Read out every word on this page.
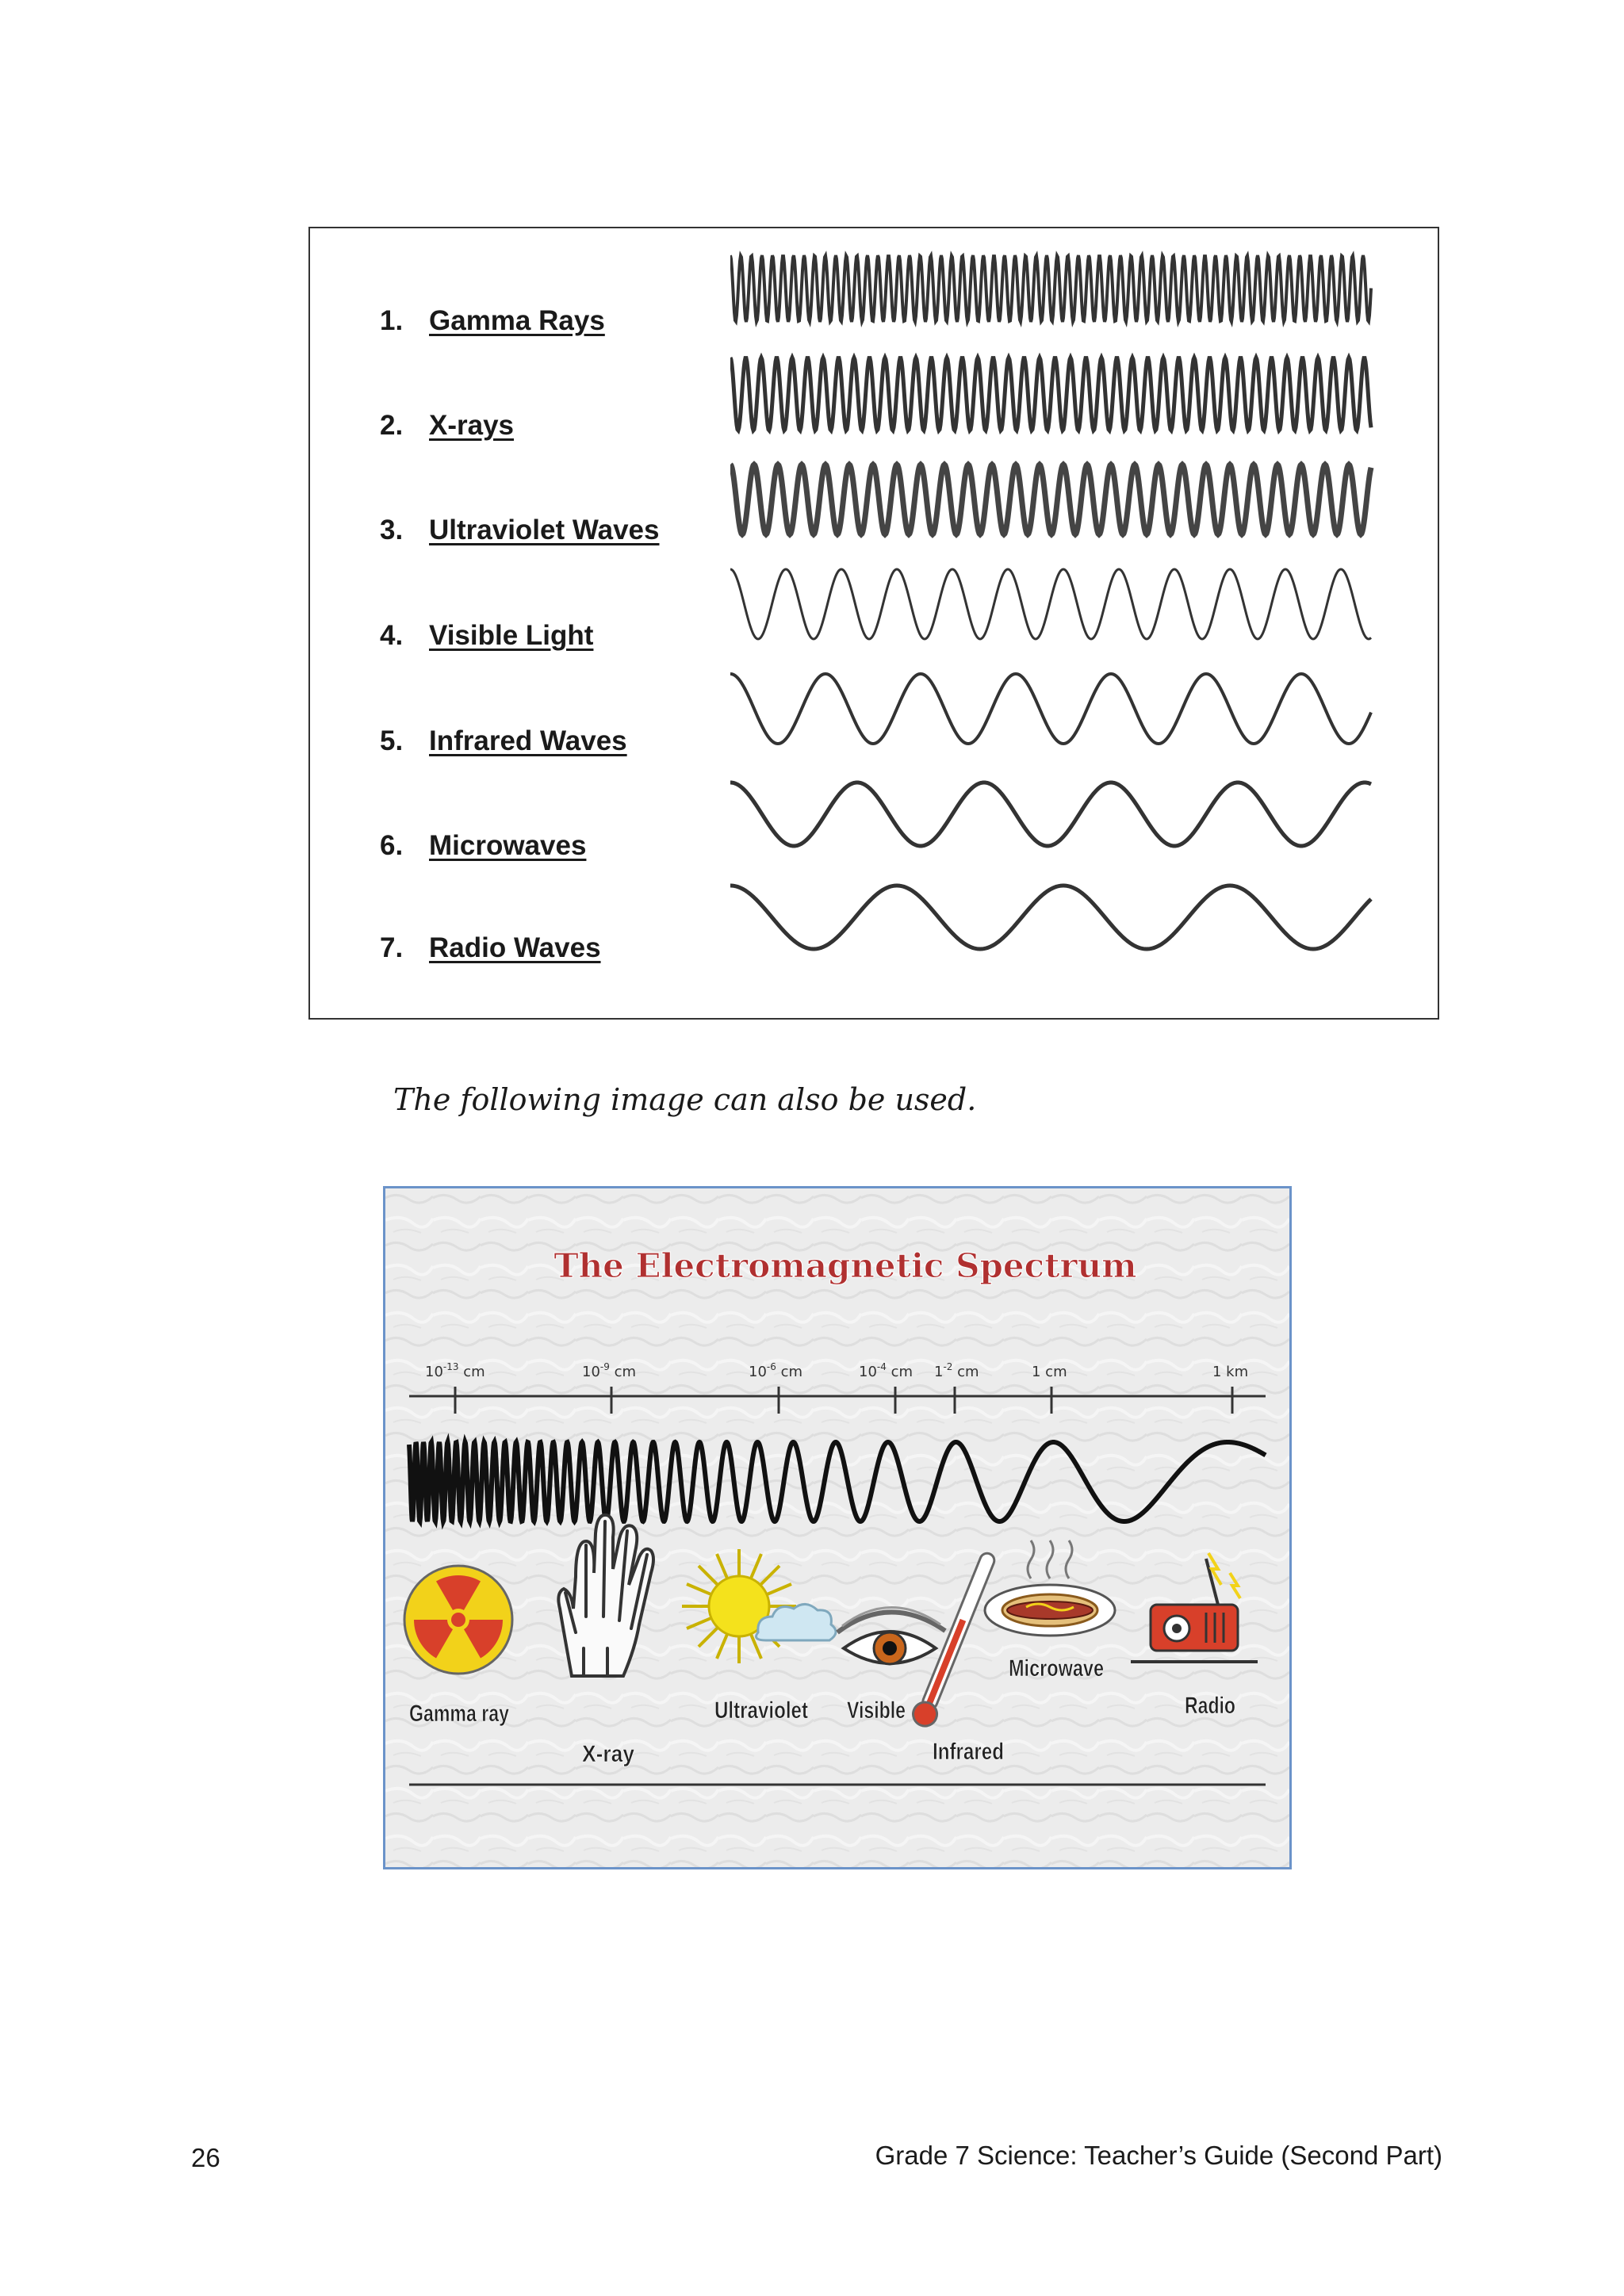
1. Gamma Rays
2. X-rays
3. Ultraviolet Waves
4. Visible Light
5. Infrared Waves
6. Microwaves
7. Radio Waves
The following image can also be used.
The Electromagnetic Spectrum
$10^{-13}$ cm	$10^{-9}$ cm	$10^{-6}$ cm	$10^{-4}$ cm $1^{-2}$ cm	1 cm	1 km
Gamma ray
X-ray
Ultraviolet Visible
Infrared
Microwave
Radio
26	Grade 7 Science: Teacher’s Guide (Second Part)
